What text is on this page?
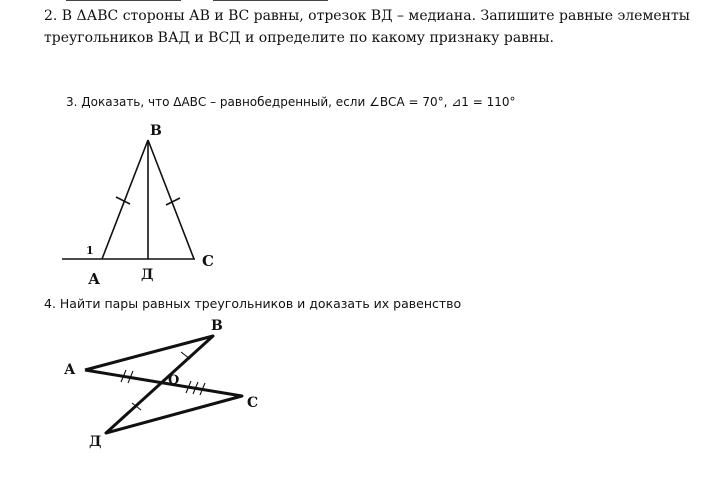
2. В ΔАВС стороны АВ и ВС равны, отрезок ВД – медиана. Запишите равные элементы
треугольников ВАД и ВСД и определите по какому признаку равны.
3. Доказать, что ΔАВС – равнобедренный, если ∠ВСА = 70°, ⊿1 = 110°
4. Найти пары равных треугольников и доказать их равенство
В
1
А	Д
С
В
А
О
С
Д
